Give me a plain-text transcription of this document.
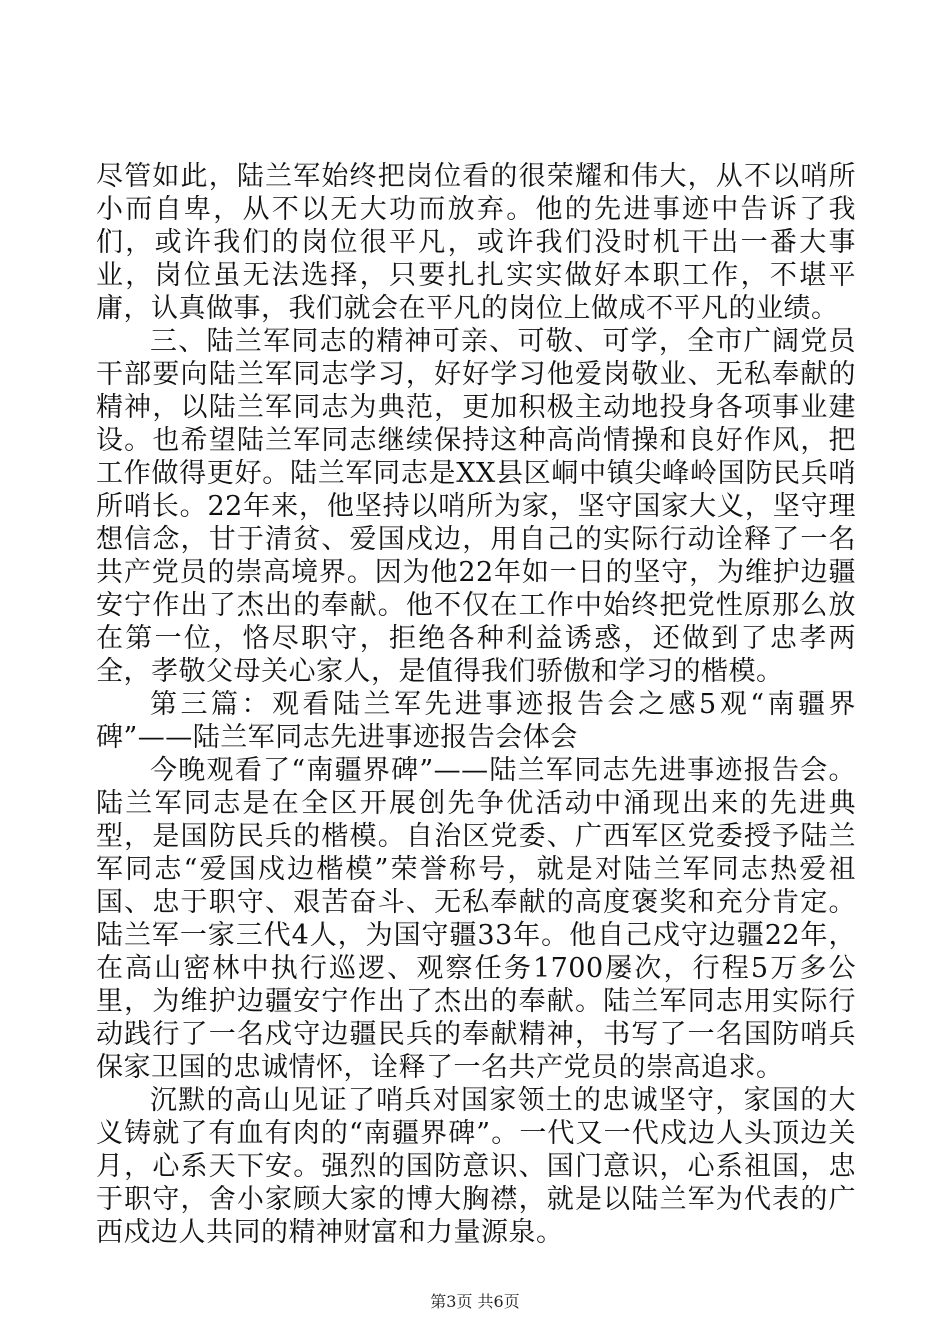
尽管如此，陆兰军始终把岗位看的很荣耀和伟大，从不以哨所小而自卑，从不以无大功而放弃。他的先进事迹中告诉了我们，或许我们的岗位很平凡，或许我们没时机干出一番大事业，岗位虽无法选择，只要扎扎实实做好本职工作，不堪平庸，认真做事，我们就会在平凡的岗位上做成不平凡的业绩。

三、陆兰军同志的精神可亲、可敬、可学，全市广阔党员干部要向陆兰军同志学习，好好学习他爱岗敬业、无私奉献的精神，以陆兰军同志为典范，更加积极主动地投身各项事业建设。也希望陆兰军同志继续保持这种高尚情操和良好作风，把工作做得更好。陆兰军同志是XX县区峒中镇尖峰岭国防民兵哨所哨长。22年来，他坚持以哨所为家，坚守国家大义，坚守理想信念，甘于清贫、爱国戍边，用自己的实际行动诠释了一名共产党员的崇高境界。因为他22年如一日的坚守，为维护边疆安宁作出了杰出的奉献。他不仅在工作中始终把党性原那么放在第一位，恪尽职守，拒绝各种利益诱惑，还做到了忠孝两全，孝敬父母关心家人，是值得我们骄傲和学习的楷模。

第三篇：观看陆兰军先进事迹报告会之感5观“南疆界碑”——陆兰军同志先进事迹报告会体会

今晚观看了“南疆界碑”——陆兰军同志先进事迹报告会。陆兰军同志是在全区开展创先争优活动中涌现出来的先进典型，是国防民兵的楷模。自治区党委、广西军区党委授予陆兰军同志“爱国戍边楷模”荣誉称号，就是对陆兰军同志热爱祖国、忠于职守、艰苦奋斗、无私奉献的高度褒奖和充分肯定。陆兰军一家三代4人，为国守疆33年。他自己戍守边疆22年，在高山密林中执行巡逻、观察任务1700屡次，行程5万多公里，为维护边疆安宁作出了杰出的奉献。陆兰军同志用实际行动践行了一名戍守边疆民兵的奉献精神，书写了一名国防哨兵保家卫国的忠诚情怀，诠释了一名共产党员的崇高追求。

沉默的高山见证了哨兵对国家领土的忠诚坚守，家国的大义铸就了有血有肉的“南疆界碑”。一代又一代戍边人头顶边关月，心系天下安。强烈的国防意识、国门意识，心系祖国，忠于职守，舍小家顾大家的博大胸襟，就是以陆兰军为代表的广西戍边人共同的精神财富和力量源泉。

第3页 共6页
